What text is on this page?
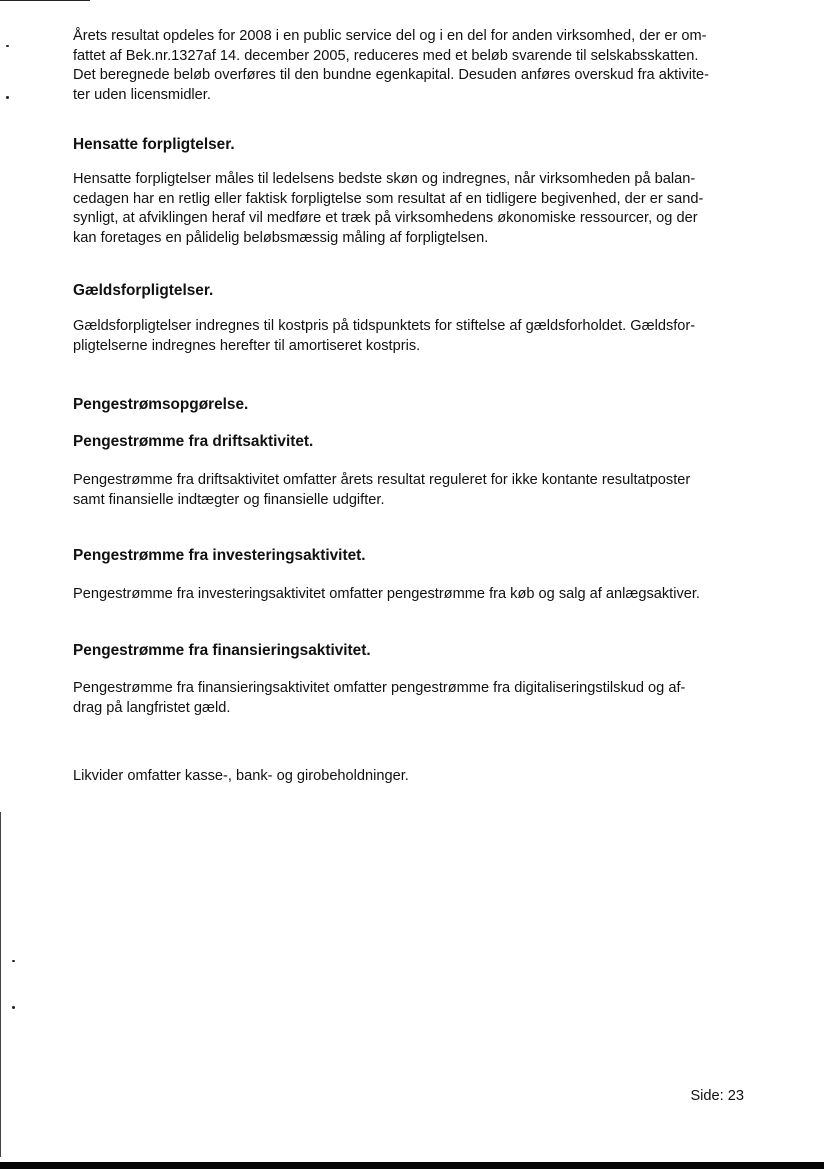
Årets resultat opdeles for 2008 i en public service del og i en del for anden virksomhed, der er om-
fattet af Bek.nr.1327af 14. december 2005, reduceres med et beløb svarende til selskabsskatten.
Det beregnede beløb overføres til den bundne egenkapital. Desuden anføres overskud fra aktivite-
ter uden licensmidler.

Hensatte forpligtelser.

Hensatte forpligtelser måles til ledelsens bedste skøn og indregnes, når virksomheden på balan-
cedagen har en retlig eller faktisk forpligtelse som resultat af en tidligere begivenhed, der er sand-
synligt, at afviklingen heraf vil medføre et træk på virksomhedens økonomiske ressourcer, og der
kan foretages en pålidelig beløbsmæssig måling af forpligtelsen.

Gældsforpligtelser.

Gældsforpligtelser indregnes til kostpris på tidspunktets for stiftelse af gældsforholdet. Gældsfor-
pligtelserne indregnes herefter til amortiseret kostpris.

Pengestrømsopgørelse.
Pengestrømme fra driftsaktivitet.

Pengestrømme fra driftsaktivitet omfatter årets resultat reguleret for ikke kontante resultatposter
samt finansielle indtægter og finansielle udgifter.

Pengestrømme fra investeringsaktivitet.

Pengestrømme fra investeringsaktivitet omfatter pengestrømme fra køb og salg af anlægsaktiver.

Pengestrømme fra finansieringsaktivitet.

Pengestrømme fra finansieringsaktivitet omfatter pengestrømme fra digitaliseringstilskud og af-
drag på langfristet gæld.

Likvider omfatter kasse-, bank- og girobeholdninger.

Side: 23
